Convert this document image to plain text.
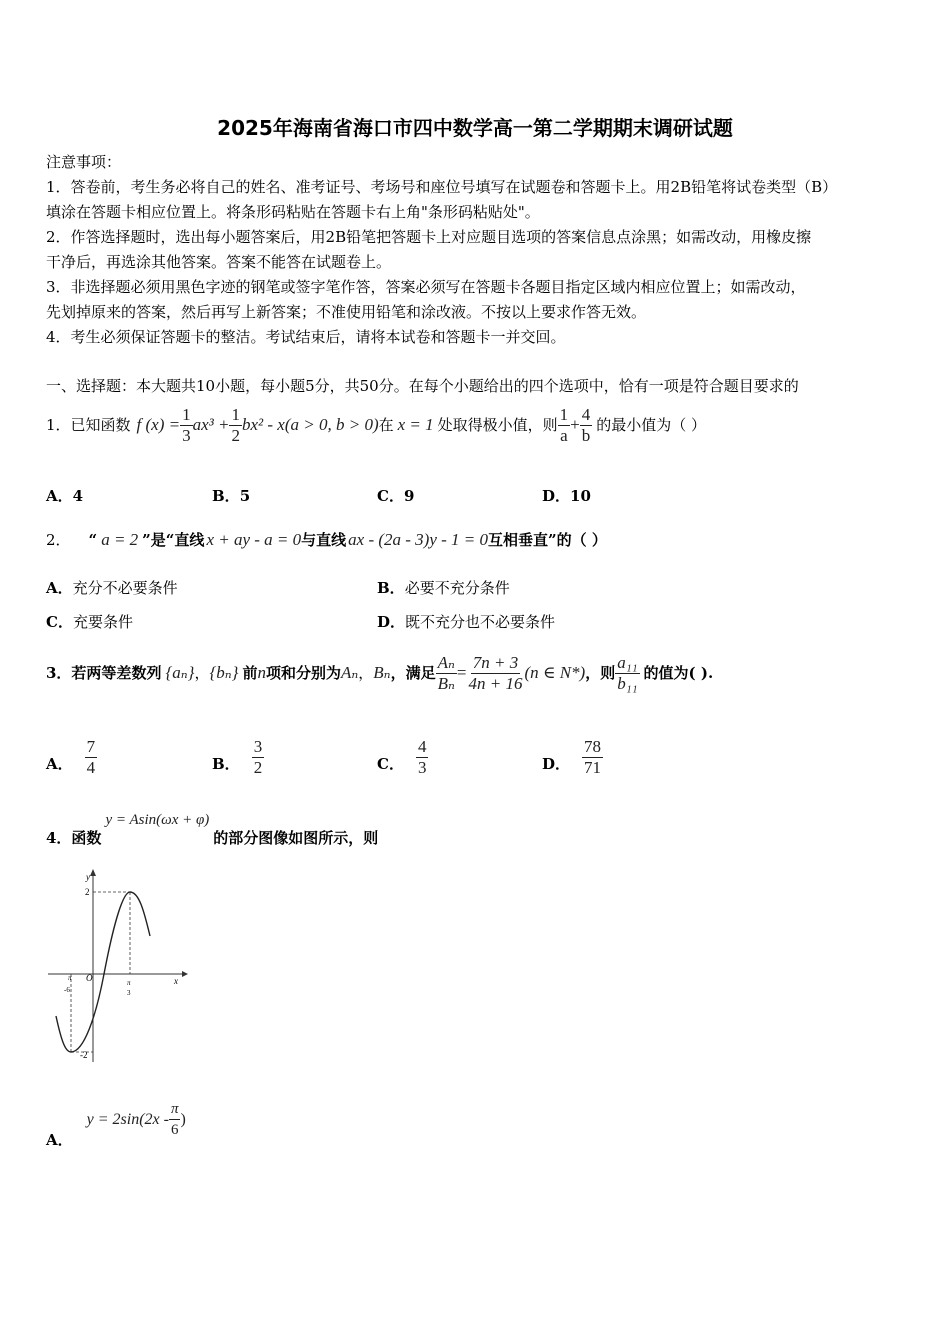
2025年海南省海口市四中数学高一第二学期期末调研试题
注意事项：
1．答卷前，考生务必将自己的姓名、准考证号、考场号和座位号填写在试题卷和答题卡上。用2B铅笔将试卷类型（B）
填涂在答题卡相应位置上。将条形码粘贴在答题卡右上角"条形码粘贴处"。
2．作答选择题时，选出每小题答案后，用2B铅笔把答题卡上对应题目选项的答案信息点涂黑；如需改动，用橡皮擦
干净后，再选涂其他答案。答案不能答在试题卷上。
3．非选择题必须用黑色字迹的钢笔或签字笔作答，答案必须写在答题卡各题目指定区域内相应位置上；如需改动，
先划掉原来的答案，然后再写上新答案；不准使用铅笔和涂改液。不按以上要求作答无效。
4．考生必须保证答题卡的整洁。考试结束后，请将本试卷和答题卡一并交回。
一、选择题：本大题共10小题，每小题5分，共50分。在每个小题给出的四个选项中，恰有一项是符合题目要求的
1．已知函数 f $(x) = \frac{1}{3} ax^3 + \frac{1}{2} bx^2 - x(a > 0$, b > 0) 在 x = 1 处取得极小值，则 $\frac{1}{a} + \frac{4}{b}$ 的最小值为（ ）
A．4	B．5	C．9	D．10
2． “ a = 2 ”是“直线 x + ay - a = 0 与直线 ax - (2a - 3)y - 1 = 0 互相垂直”的（ ）
A．充分不必要条件	B．必要不充分条件
C．充要条件	D．既不充分也不必要条件
3．若两等差数列 {aₙ} ， {bₙ} 前 n 项和分别为 Aₙ ， Bₙ ，满足 $\frac{\text{Aₙ}}{\text{Bₙ}} = \frac{7n + 3}{4n + 16} (n$ ∈ N*) ，则 $\frac{\text{a₁₁}}{\text{b₁₁}}$ 的值为( ).
A． $\frac{7}{4}$	B． $\frac{3}{2}$	C． $\frac{4}{3}$	D． $\frac{78}{71}$
4．函数
y = Asin(ωx + φ)
的部分图像如图所示，则
y
x
O
2
-2
π
-6
π
3
A．
$y = 2\sin(2x - \frac{\pi}{6}$ )
